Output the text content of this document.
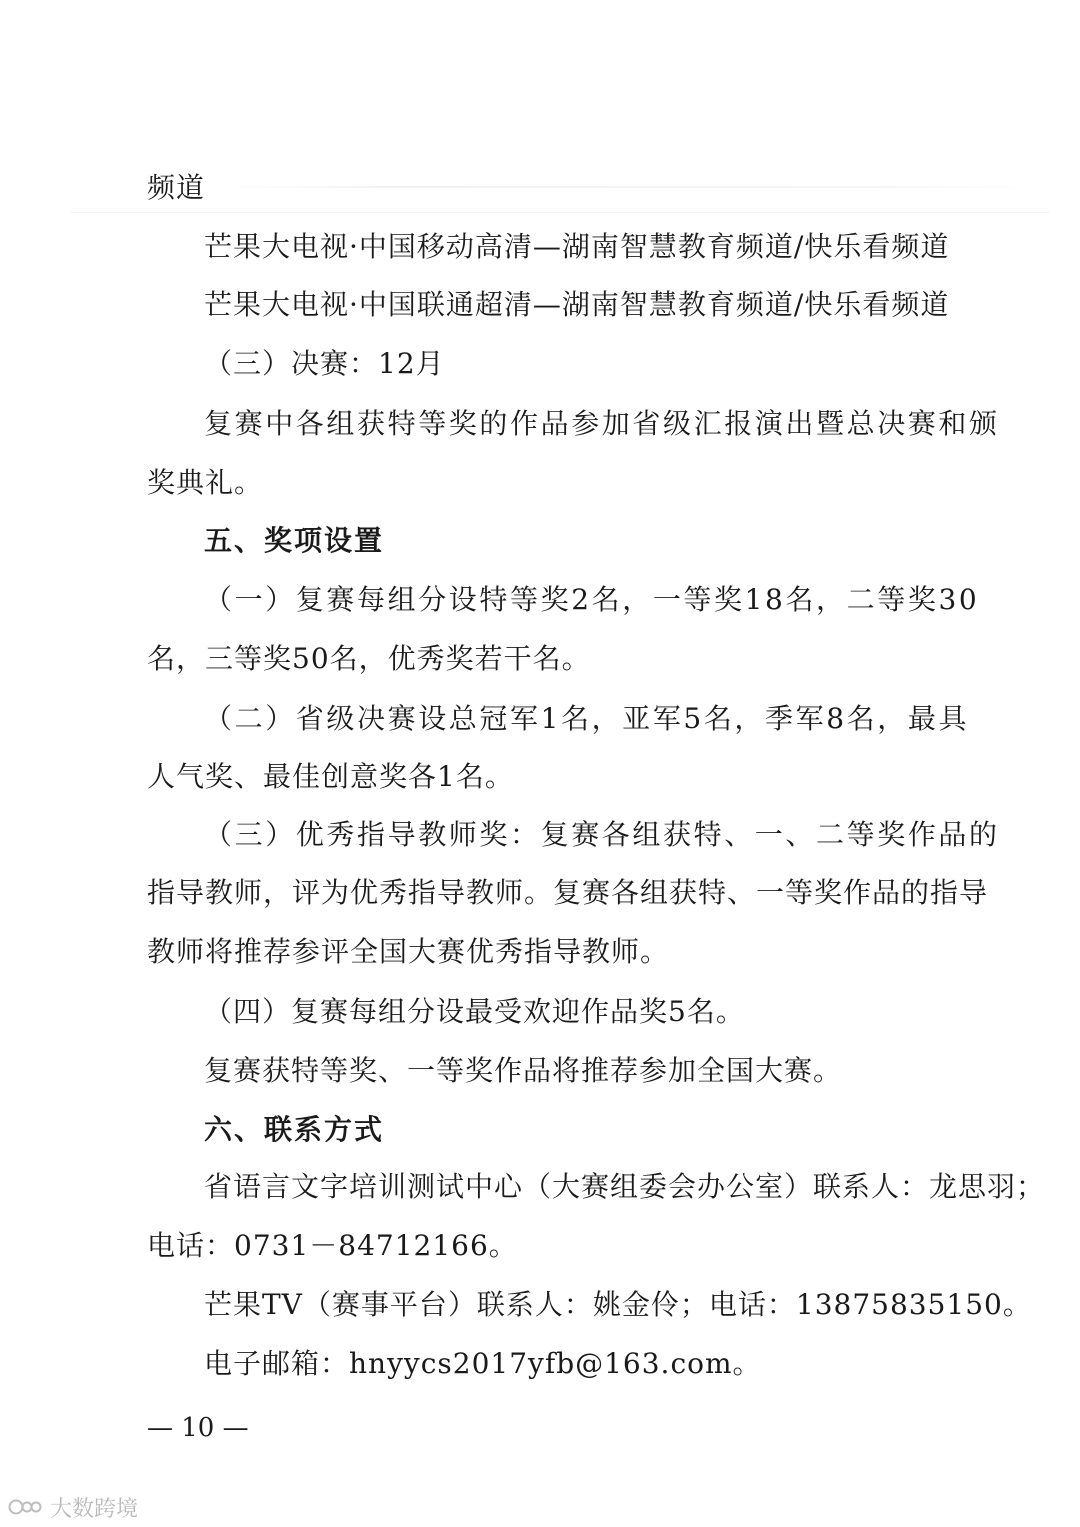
频道
芒果大电视·中国移动高清—湖南智慧教育频道/快乐看频道
芒果大电视·中国联通超清—湖南智慧教育频道/快乐看频道
（三）决赛：12月
复赛中各组获特等奖的作品参加省级汇报演出暨总决赛和颁
奖典礼。
五、奖项设置
（一）复赛每组分设特等奖2名，一等奖18名，二等奖30
名，三等奖50名，优秀奖若干名。
（二）省级决赛设总冠军1名，亚军5名，季军8名，最具
人气奖、最佳创意奖各1名。
（三）优秀指导教师奖：复赛各组获特、一、二等奖作品的
指导教师，评为优秀指导教师。复赛各组获特、一等奖作品的指导
教师将推荐参评全国大赛优秀指导教师。
（四）复赛每组分设最受欢迎作品奖5名。
复赛获特等奖、一等奖作品将推荐参加全国大赛。
六、联系方式
省语言文字培训测试中心（大赛组委会办公室）联系人：龙思羽；
电话：0731－84712166。
芒果TV（赛事平台）联系人：姚金伶；电话：13875835150。
电子邮箱：hnyycs2017yfb@163.com。
— 10 —
大数跨境
